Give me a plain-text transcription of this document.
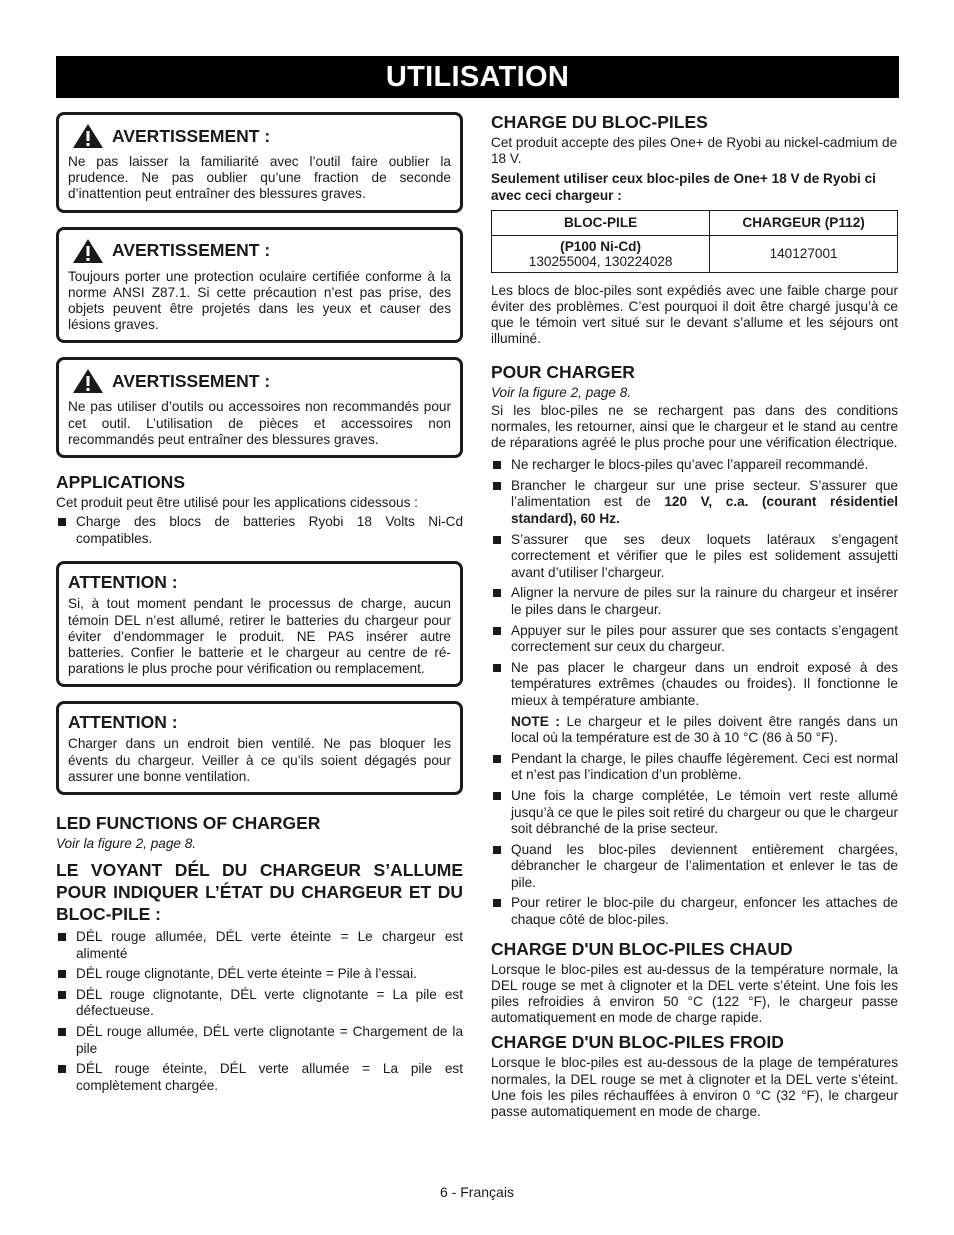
UTILISATION
AVERTISSEMENT :

Ne pas laisser la familiarité avec l’outil faire oublier la prudence. Ne pas oublier qu’une fraction de seconde d’inattention peut entraîner des blessures graves.

AVERTISSEMENT :

Toujours porter une protection oculaire certifiée conforme à la norme ANSI Z87.1. Si cette précaution n’est pas prise, des objets peuvent être projetés dans les yeux et causer des lésions graves.

AVERTISSEMENT :

Ne pas utiliser d’outils ou accessoires non recommandés pour cet outil. L’utilisation de pièces et accessoires non recommandés peut entraîner des blessures graves.

APPLICATIONS

Cet produit peut être utilisé pour les applications cidessous :

Charge des blocs de batteries Ryobi 18 Volts Ni-Cd compatibles.
ATTENTION :

Si, à tout moment pendant le processus de charge, aucun témoin DEL n’est allumé, retirer le batteries du chargeur pour éviter d’endommager le produit. NE PAS insérer autre batteries. Confier le batterie et le chargeur au centre de ré- parations le plus proche pour vérification ou remplacement.

ATTENTION :

Charger dans un endroit bien ventilé. Ne pas bloquer les évents du chargeur. Veiller à ce qu’ils soient dégagés pour assurer une bonne ventilation.

LED FUNCTIONS OF CHARGER

Voir la figure 2, page 8.

LE VOYANT DÉL DU CHARGEUR S’ALLUME POUR INDIQUER L’ÉTAT DU CHARGEUR ET DU BLOC-PILE :
DÉL rouge allumée, DÉL verte éteinte = Le chargeur est alimenté
DÉL rouge clignotante, DÉL verte éteinte = Pile à l’essai.
DÉL rouge clignotante, DÉL verte clignotante = La pile est défectueuse.
DÉL rouge allumée, DÉL verte clignotante = Chargement de la pile
DÉL rouge éteinte, DÉL verte allumée = La pile est complètement chargée.
CHARGE DU BLOC-PILES

Cet produit accepte des piles One+ de Ryobi au nickel-cadmium de 18 V.

Seulement utiliser ceux bloc-piles de One+ 18 V de Ryobi ci avec ceci chargeur :

BLOC-PILE	CHARGEUR (P112)

(P100 Ni-Cd)
130255004, 130224028	140127001

Les blocs de bloc-piles sont expédiés avec une faible charge pour éviter des problèmes. C’est pourquoi il doit être chargé jusqu’à ce que le témoin vert situé sur le devant s’allume et les séjours ont illuminé.

POUR CHARGER

Voir la figure 2, page 8.

Si les bloc-piles ne se rechargent pas dans des conditions normales, les retourner, ainsi que le chargeur et le stand au centre de réparations agréé le plus proche pour une vérification électrique.

Ne recharger le blocs-piles qu’avec l’appareil recommandé.
Brancher le chargeur sur une prise secteur. S’assurer que l’alimentation est de 120 V, c.a. (courant résidentiel standard), 60 Hz.
S’assurer que ses deux loquets latéraux s’engagent correctement et vérifier que le piles est solidement assujetti avant d’utiliser l’chargeur.
Aligner la nervure de piles sur la rainure du chargeur et insérer le piles dans le chargeur.
Appuyer sur le piles pour assurer que ses contacts s’engagent correctement sur ceux du chargeur.
Ne pas placer le chargeur dans un endroit exposé à des températures extrêmes (chaudes ou froides). Il fonctionne le mieux à température ambiante.
NOTE : Le chargeur et le piles doivent être rangés dans un local où la température est de 30 à 10 °C (86 à 50 °F).
Pendant la charge, le piles chauffe légèrement. Ceci est normal et n’est pas l’indication d’un problème.
Une fois la charge complétée, Le témoin vert reste allumé jusqu’à ce que le piles soit retiré du chargeur ou que le chargeur soit débranché de la prise secteur.
Quand les bloc-piles deviennent entièrement chargées, débrancher le chargeur de l’alimentation et enlever le tas de pile.
Pour retirer le bloc-pile du chargeur, enfoncer les attaches de chaque côté de bloc-piles.
CHARGE D'UN BLOC-PILES CHAUD

Lorsque le bloc-piles est au-dessus de la température normale, la DEL rouge se met à clignoter et la DEL verte s’éteint. Une fois les piles refroidies à environ 50 °C (122 °F), le chargeur passe automatiquement en mode de charge rapide.

CHARGE D'UN BLOC-PILES FROID

Lorsque le bloc-piles est au-dessous de la plage de températures normales, la DEL rouge se met à clignoter et la DEL verte s’éteint. Une fois les piles réchauffées à environ 0 °C (32 °F), le chargeur passe automatiquement en mode de charge.

6 - Français
